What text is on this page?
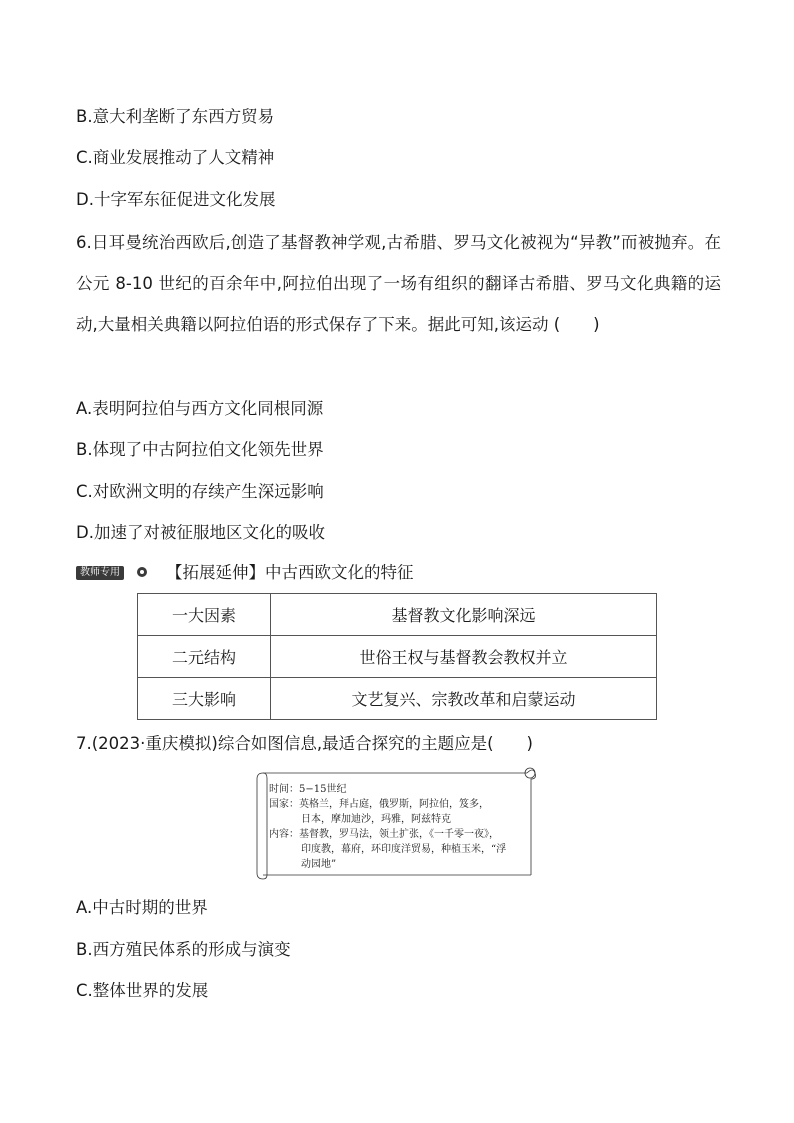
B.意大利垄断了东西方贸易
C.商业发展推动了人文精神
D.十字军东征促进文化发展
6.日耳曼统治西欧后,创造了基督教神学观,古希腊、罗马文化被视为“异教”而被抛弃。在公元 8-10 世纪的百余年中,阿拉伯出现了一场有组织的翻译古希腊、罗马文化典籍的运动,大量相关典籍以阿拉伯语的形式保存了下来。据此可知,该运动 (　　)
A.表明阿拉伯与西方文化同根同源
B.体现了中古阿拉伯文化领先世界
C.对欧洲文明的存续产生深远影响
D.加速了对被征服地区文化的吸收
教师专用	【拓展延伸】中古西欧文化的特征
一大因素	基督教文化影响深远
二元结构	世俗王权与基督教会教权并立
三大影响	文艺复兴、宗教改革和启蒙运动
7.(2023·重庆模拟)综合如图信息,最适合探究的主题应是(　　)
时间：5−15世纪
国家：英格兰，拜占庭，俄罗斯，阿拉伯，笈多，
日本，摩加迪沙，玛雅，阿兹特克
内容：基督教，罗马法，领土扩张，《一千零一夜》，
印度教，幕府，环印度洋贸易，种植玉米，“浮
动园地”
A.中古时期的世界
B.西方殖民体系的形成与演变
C.整体世界的发展
